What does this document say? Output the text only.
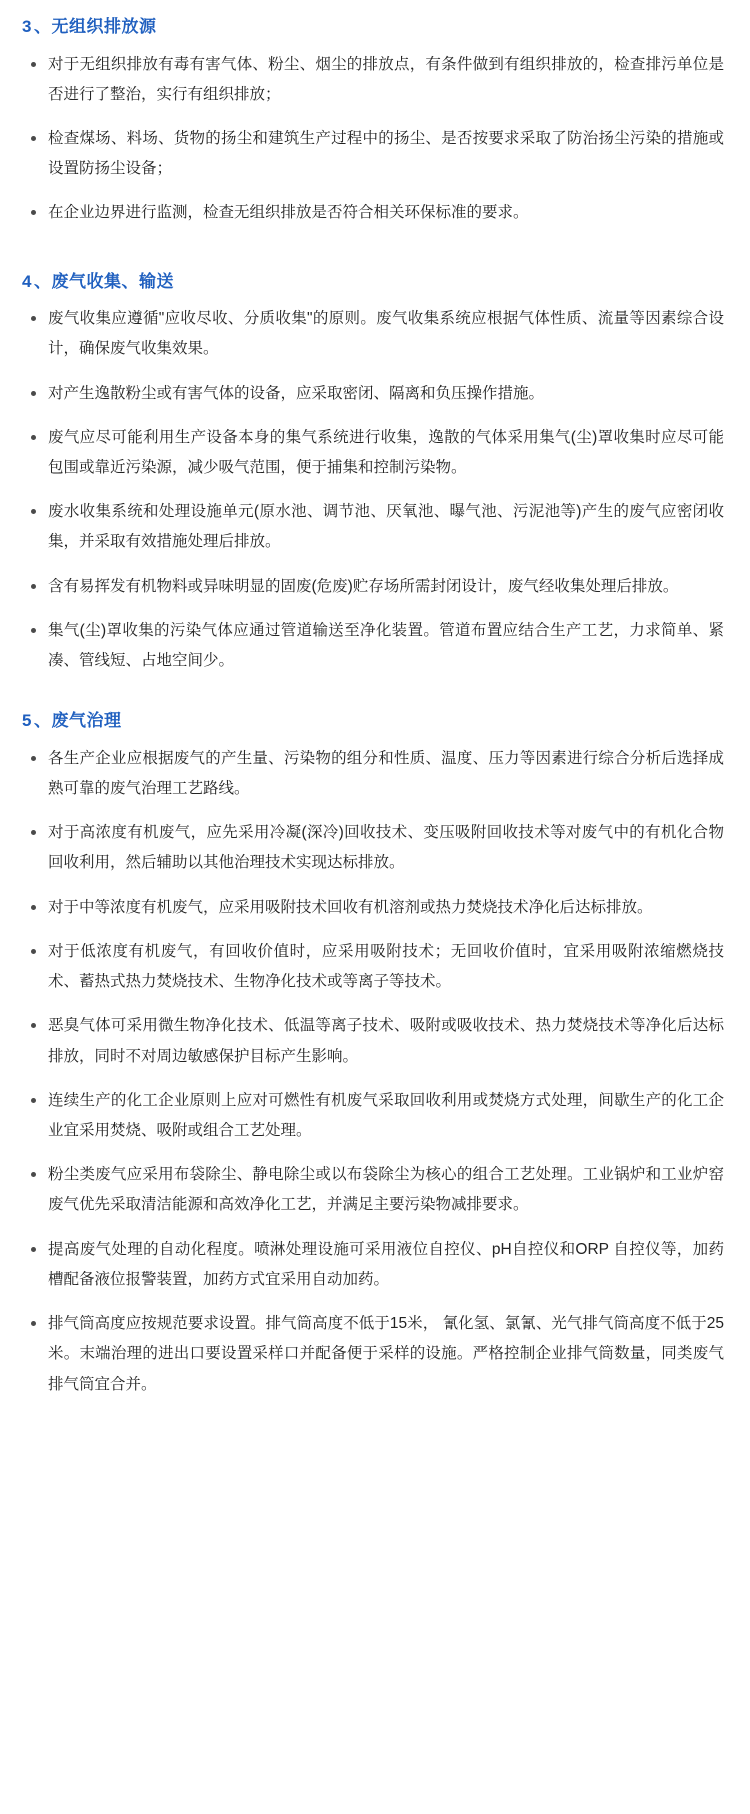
3 、无组织排放源
对于无组织排放有毒有害气体、粉尘、烟尘的排放点，有条件做到有组织排放的，检查排污单位是否进行了整治，实行有组织排放；
检查煤场、料场、货物的扬尘和建筑生产过程中的扬尘、是否按要求采取了防治扬尘污染的措施或设置防扬尘设备；
在企业边界进行监测，检查无组织排放是否符合相关环保标准的要求。
4 、废气收集、输送
废气收集应遵循"应收尽收、分质收集"的原则。废气收集系统应根据气体性质、流量等因素综合设计，确保废气收集效果。
对产生逸散粉尘或有害气体的设备，应采取密闭、隔离和负压操作措施。
废气应尽可能利用生产设备本身的集气系统进行收集，逸散的气体采用集气(尘)罩收集时应尽可能包围或靠近污染源，减少吸气范围，便于捕集和控制污染物。
废水收集系统和处理设施单元(原水池、调节池、厌氧池、曝气池、污泥池等)产生的废气应密闭收集，并采取有效措施处理后排放。
含有易挥发有机物料或异味明显的固废(危废)贮存场所需封闭设计，废气经收集处理后排放。
集气(尘)罩收集的污染气体应通过管道输送至净化装置。管道布置应结合生产工艺，力求简单、紧凑、管线短、占地空间少。
5 、废气治理
各生产企业应根据废气的产生量、污染物的组分和性质、温度、压力等因素进行综合分析后选择成熟可靠的废气治理工艺路线。
对于高浓度有机废气，应先采用冷凝(深冷)回收技术、变压吸附回收技术等对废气中的有机化合物回收利用，然后辅助以其他治理技术实现达标排放。
对于中等浓度有机废气，应采用吸附技术回收有机溶剂或热力焚烧技术净化后达标排放。
对于低浓度有机废气，有回收价值时，应采用吸附技术；无回收价值时，宜采用吸附浓缩燃烧技术、蓄热式热力焚烧技术、生物净化技术或等离子等技术。
恶臭气体可采用微生物净化技术、低温等离子技术、吸附或吸收技术、热力焚烧技术等净化后达标排放，同时不对周边敏感保护目标产生影响。
连续生产的化工企业原则上应对可燃性有机废气采取回收利用或焚烧方式处理，间歇生产的化工企业宜采用焚烧、吸附或组合工艺处理。
粉尘类废气应采用布袋除尘、静电除尘或以布袋除尘为核心的组合工艺处理。工业锅炉和工业炉窑废气优先采取清洁能源和高效净化工艺，并满足主要污染物减排要求。
提高废气处理的自动化程度。喷淋处理设施可采用液位自控仪、pH自控仪和ORP 自控仪等，加药槽配备液位报警装置，加药方式宜采用自动加药。
排气筒高度应按规范要求设置。排气筒高度不低于15米， 氰化氢、氯氰、光气排气筒高度不低于25米。末端治理的进出口要设置采样口并配备便于采样的设施。严格控制企业排气筒数量，同类废气排气筒宜合并。
